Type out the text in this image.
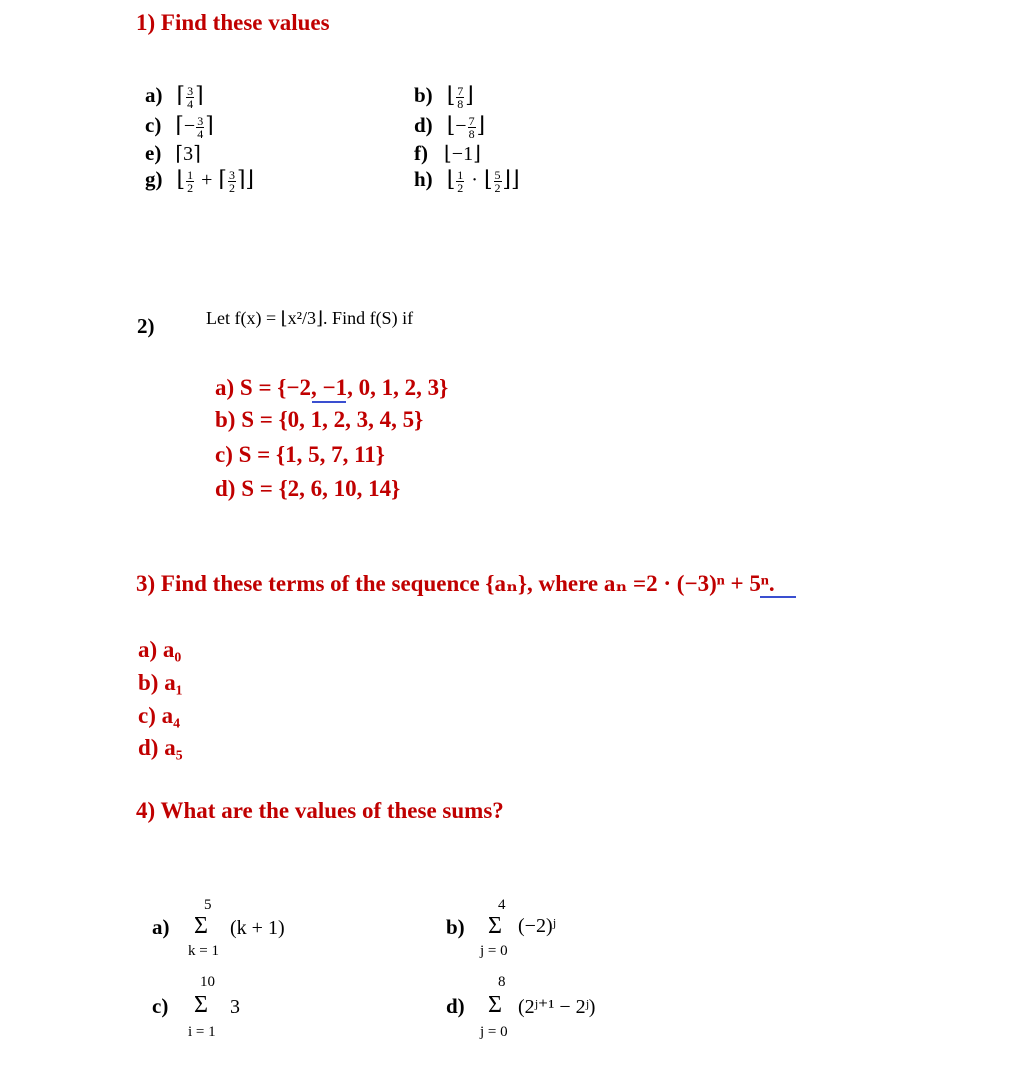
1) Find these values
a) ⌈ $\frac{3}{4}$ ⌉	b) ⌊ $\frac{7}{8}$ ⌋
c) ⌈− $\frac{3}{4}$ ⌉	d) ⌊− $\frac{7}{8}$ ⌋
e) ⌈3⌉	f) ⌊−1⌋
g) ⌊ $\frac{1}{2}$ + ⌈ $\frac{3}{2}$ ⌉⌋	h) ⌊ $\frac{1}{2}$ · ⌊ $\frac{5}{2}$ ⌋⌋
2)	Let f(x) = ⌊x²/3⌋. Find f(S) if
a) S = {−2, −1, 0, 1, 2, 3}
b) S = {0, 1, 2, 3, 4, 5}
c) S = {1, 5, 7, 11}
d) S = {2, 6, 10, 14}
3) Find these terms of the sequence {aₙ}, where aₙ =2 · (−3)ⁿ + 5ⁿ.
a) a₀
b) a₁
c) a₄
d) a₅
4) What are the values of these sums?
a)
5
Σ (k + 1)
k = 1
b)
4
Σ (−2)ʲ
j = 0
c)
10
Σ 3
i = 1
d)
8
Σ (2ʲ⁺¹ − 2ʲ)
j = 0
